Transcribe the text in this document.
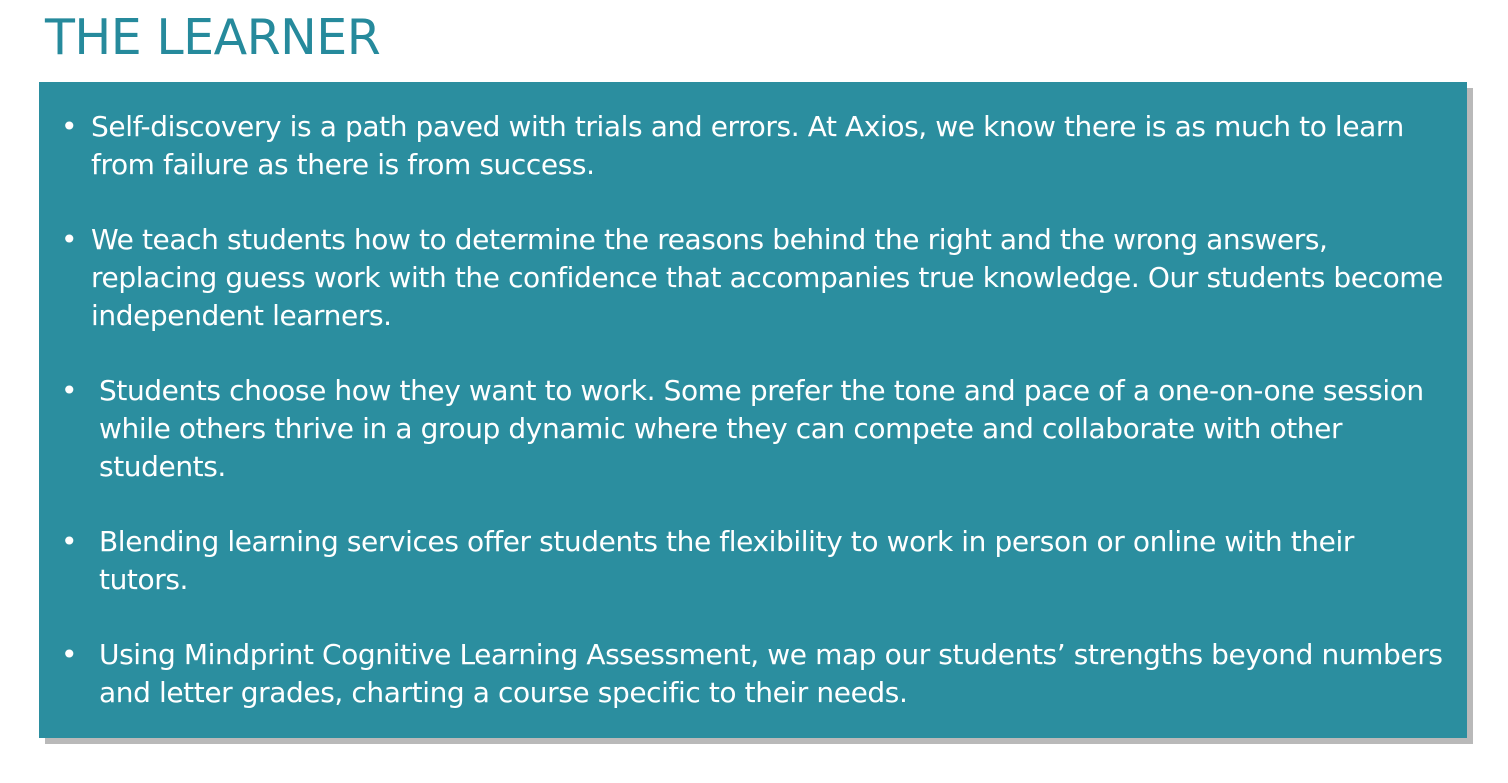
THE LEARNER
• Self-discovery is a path paved with trials and errors. At Axios, we know there is as much to learn from failure as there is from success.
• We teach students how to determine the reasons behind the right and the wrong answers, replacing guess work with the confidence that accompanies true knowledge. Our students become independent learners.
• Students choose how they want to work. Some prefer the tone and pace of a one-on-one session while others thrive in a group dynamic where they can compete and collaborate with other students.
• Blending learning services offer students the flexibility to work in person or online with their tutors.
• Using Mindprint Cognitive Learning Assessment, we map our students’ strengths beyond numbers and letter grades, charting a course specific to their needs.
